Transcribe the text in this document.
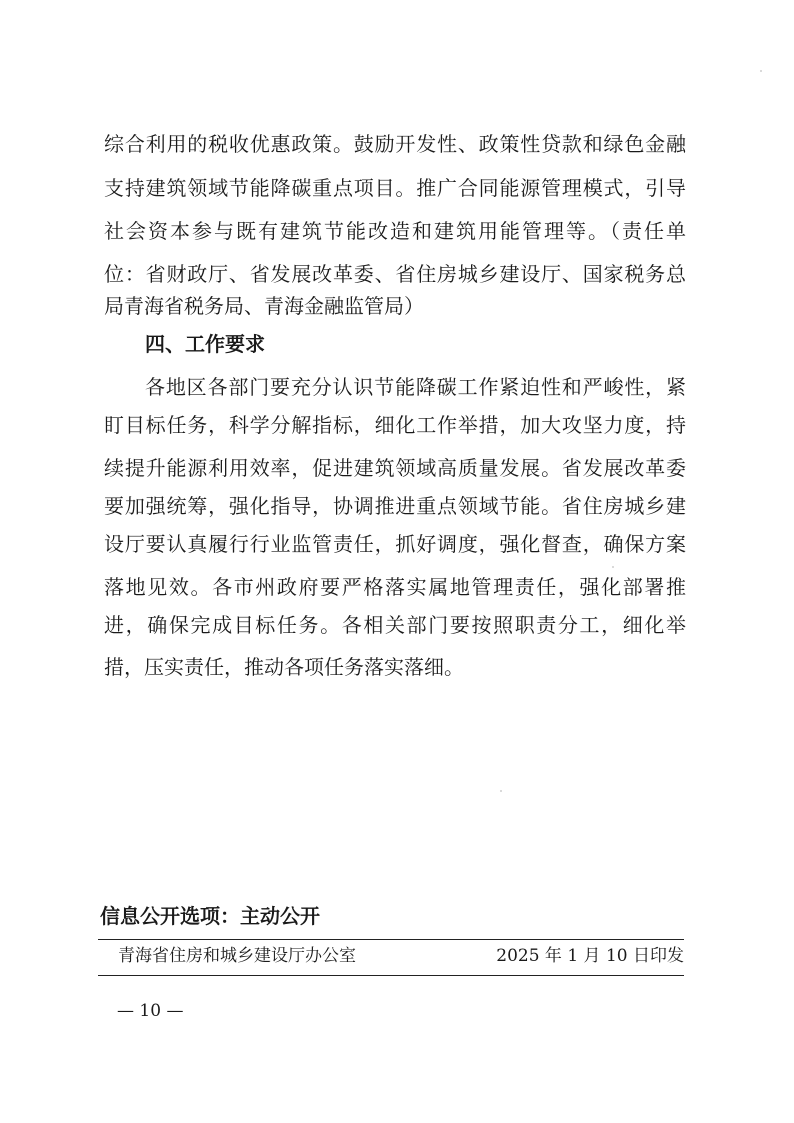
综合利用的税收优惠政策。鼓励开发性、政策性贷款和绿色金融
支持建筑领域节能降碳重点项目。推广合同能源管理模式，引导
社会资本参与既有建筑节能改造和建筑用能管理等。（责任单
位：省财政厅、省发展改革委、省住房城乡建设厅、国家税务总
局青海省税务局、青海金融监管局）
四、工作要求
各地区各部门要充分认识节能降碳工作紧迫性和严峻性，紧
盯目标任务，科学分解指标，细化工作举措，加大攻坚力度，持
续提升能源利用效率，促进建筑领域高质量发展。省发展改革委
要加强统筹，强化指导，协调推进重点领域节能。省住房城乡建
设厅要认真履行行业监管责任，抓好调度，强化督查，确保方案
落地见效。各市州政府要严格落实属地管理责任，强化部署推
进，确保完成目标任务。各相关部门要按照职责分工，细化举
措，压实责任，推动各项任务落实落细。
信息公开选项：主动公开
青海省住房和城乡建设厅办公室	2025 年 1 月 10 日印发
— 10 —
